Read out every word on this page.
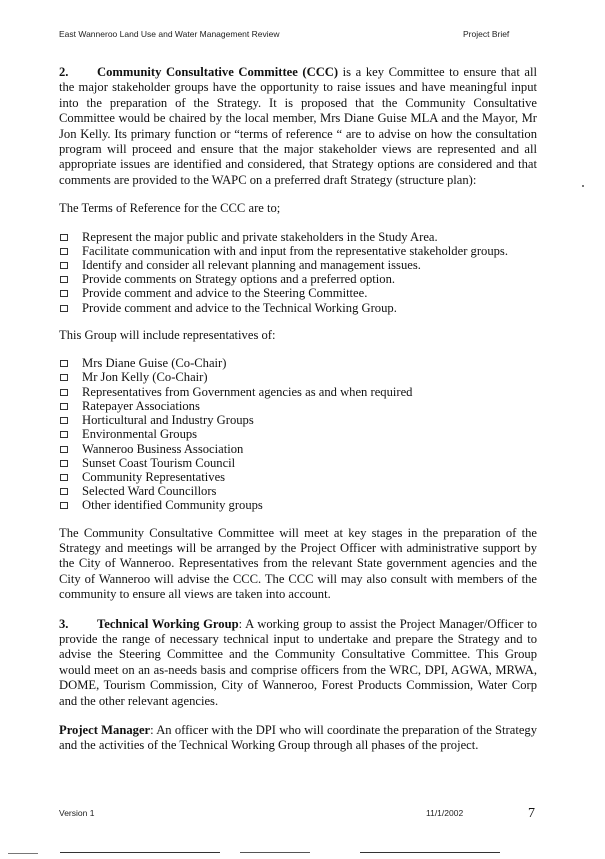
East Wanneroo Land Use and Water Management Review	Project Brief

2. Community Consultative Committee (CCC) is a key Committee to ensure that all the major stakeholder groups have the opportunity to raise issues and have meaningful input into the preparation of the Strategy. It is proposed that the Community Consultative Committee would be chaired by the local member, Mrs Diane Guise MLA and the Mayor, Mr Jon Kelly. Its primary function or “terms of reference “ are to advise on how the consultation program will proceed and ensure that the major stakeholder views are represented and all appropriate issues are identified and considered, that Strategy options are considered and that comments are provided to the WAPC on a preferred draft Strategy (structure plan):

The Terms of Reference for the CCC are to;

Represent the major public and private stakeholders in the Study Area.
Facilitate communication with and input from the representative stakeholder groups.
Identify and consider all relevant planning and management issues.
Provide comments on Strategy options and a preferred option.
Provide comment and advice to the Steering Committee.
Provide comment and advice to the Technical Working Group.

This Group will include representatives of:

Mrs Diane Guise (Co-Chair)
Mr Jon Kelly (Co-Chair)
Representatives from Government agencies as and when required
Ratepayer Associations
Horticultural and Industry Groups
Environmental Groups
Wanneroo Business Association
Sunset Coast Tourism Council
Community Representatives
Selected Ward Councillors
Other identified Community groups

The Community Consultative Committee will meet at key stages in the preparation of the Strategy and meetings will be arranged by the Project Officer with administrative support by the City of Wanneroo. Representatives from the relevant State government agencies and the City of Wanneroo will advise the CCC. The CCC will may also consult with members of the community to ensure all views are taken into account.

3. Technical Working Group: A working group to assist the Project Manager/Officer to provide the range of necessary technical input to undertake and prepare the Strategy and to advise the Steering Committee and the Community Consultative Committee. This Group would meet on an as-needs basis and comprise officers from the WRC, DPI, AGWA, MRWA, DOME, Tourism Commission, City of Wanneroo, Forest Products Commission, Water Corp and the other relevant agencies.

Project Manager: An officer with the DPI who will coordinate the preparation of the Strategy and the activities of the Technical Working Group through all phases of the project.

Version 1	11/1/2002	7
